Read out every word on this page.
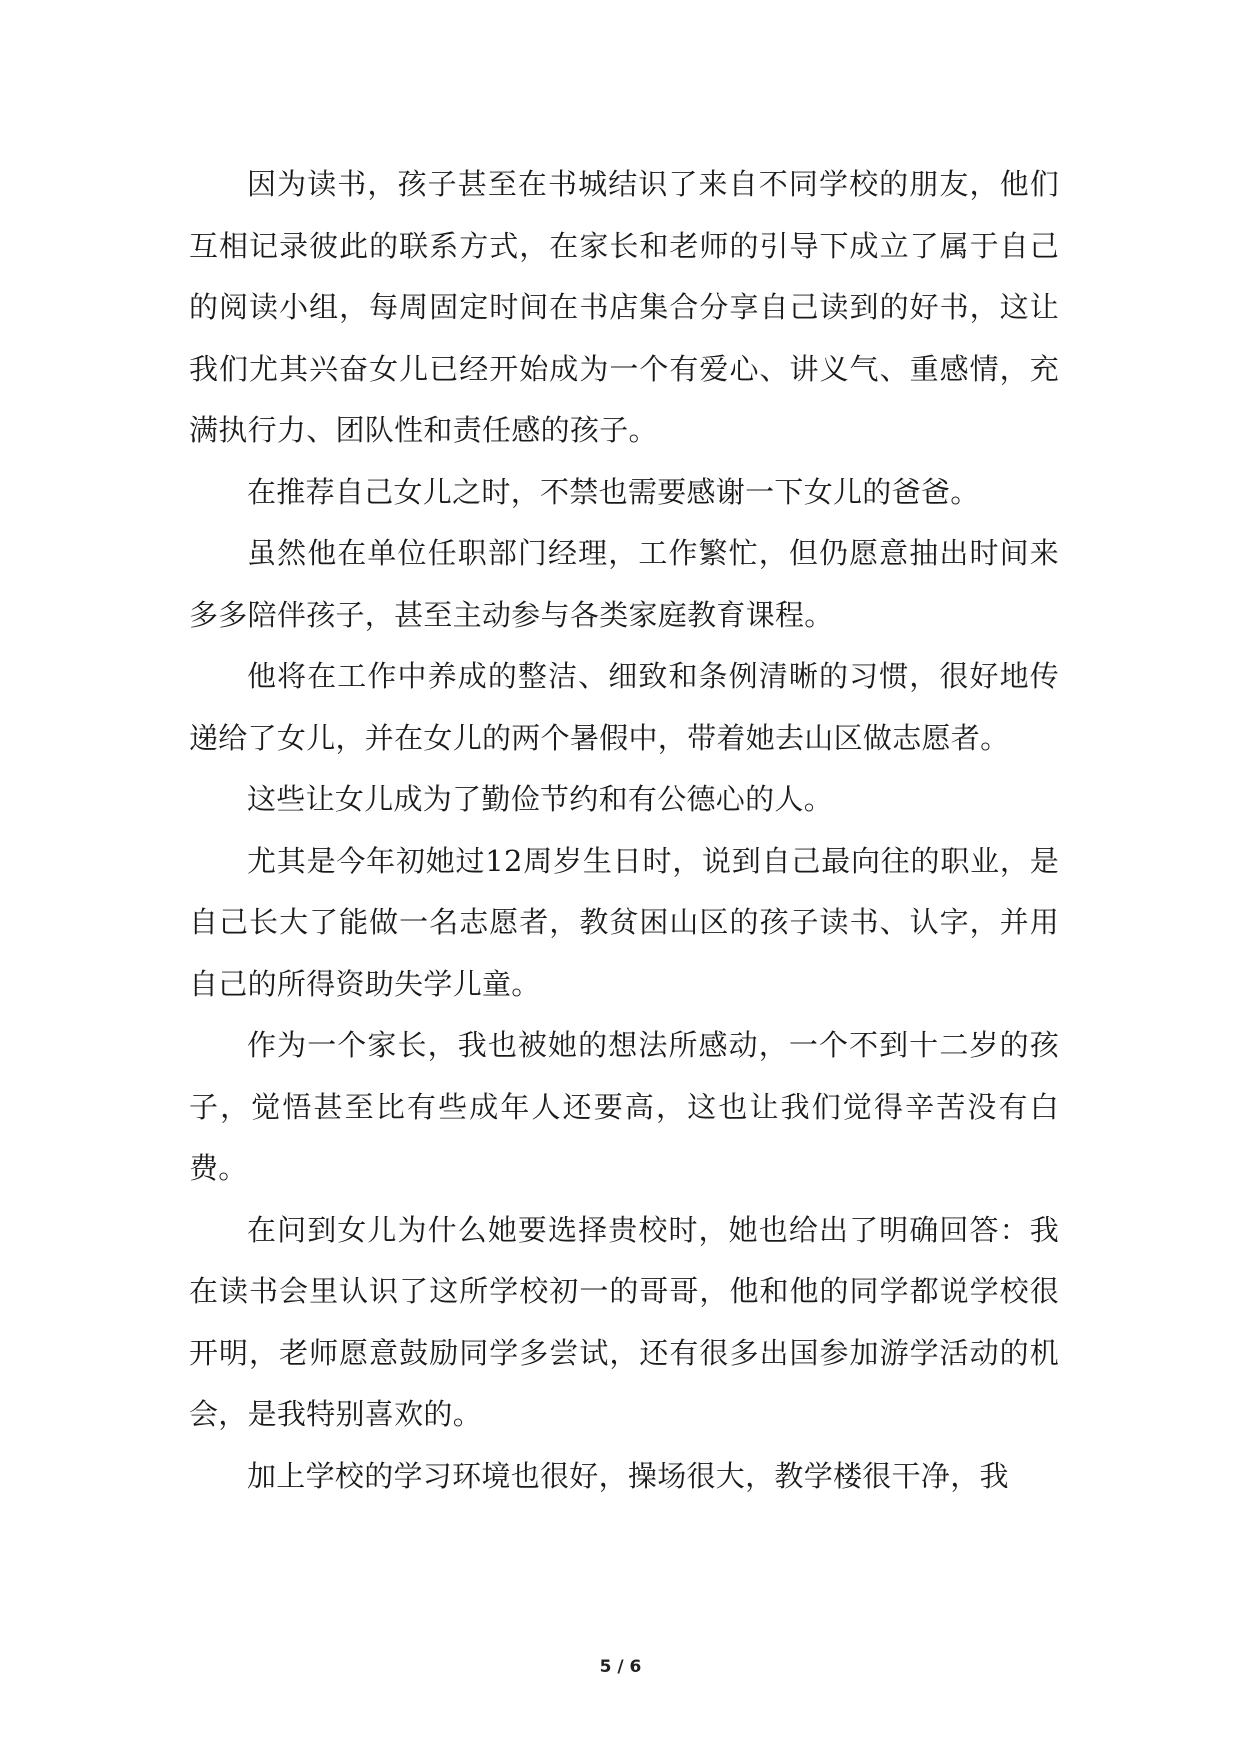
因为读书，孩子甚至在书城结识了来自不同学校的朋友，他们互相记录彼此的联系方式，在家长和老师的引导下成立了属于自己的阅读小组，每周固定时间在书店集合分享自己读到的好书，这让我们尤其兴奋女儿已经开始成为一个有爱心、讲义气、重感情，充满执行力、团队性和责任感的孩子。

在推荐自己女儿之时，不禁也需要感谢一下女儿的爸爸。

虽然他在单位任职部门经理，工作繁忙，但仍愿意抽出时间来多多陪伴孩子，甚至主动参与各类家庭教育课程。

他将在工作中养成的整洁、细致和条例清晰的习惯，很好地传递给了女儿，并在女儿的两个暑假中，带着她去山区做志愿者。

这些让女儿成为了勤俭节约和有公德心的人。

尤其是今年初她过12周岁生日时，说到自己最向往的职业，是自己长大了能做一名志愿者，教贫困山区的孩子读书、认字，并用自己的所得资助失学儿童。

作为一个家长，我也被她的想法所感动，一个不到十二岁的孩子，觉悟甚至比有些成年人还要高，这也让我们觉得辛苦没有白费。

在问到女儿为什么她要选择贵校时，她也给出了明确回答：我在读书会里认识了这所学校初一的哥哥，他和他的同学都说学校很开明，老师愿意鼓励同学多尝试，还有很多出国参加游学活动的机会，是我特别喜欢的。

加上学校的学习环境也很好，操场很大，教学楼很干净，我

5 / 6
